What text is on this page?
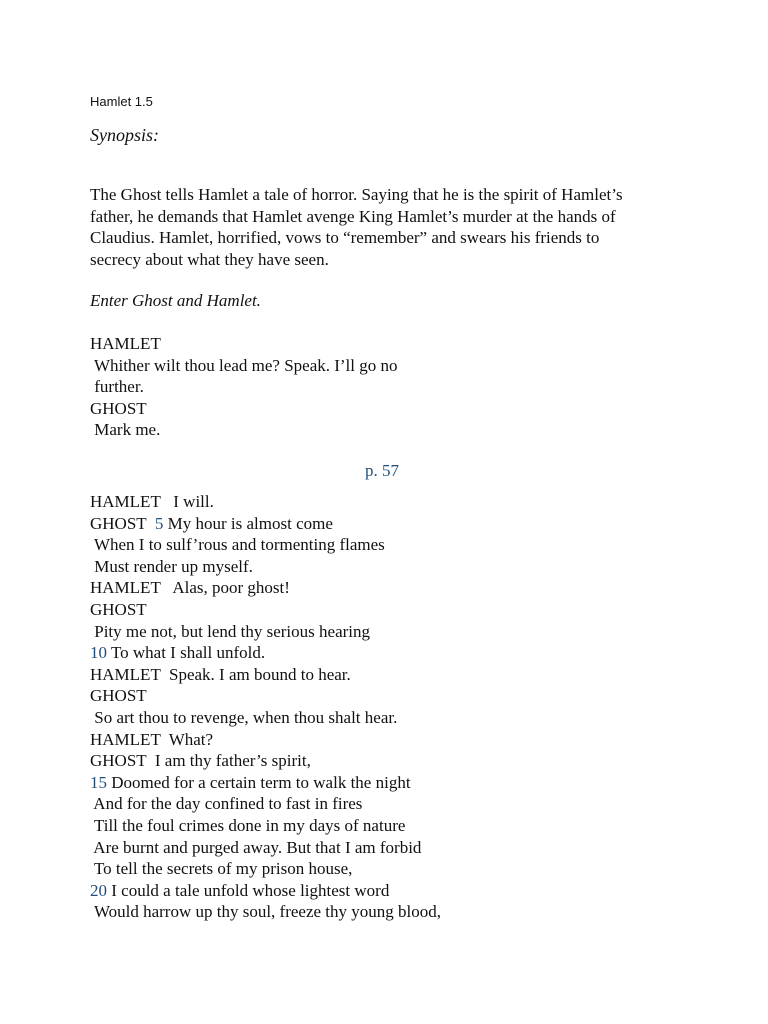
Hamlet 1.5
Synopsis:
The Ghost tells Hamlet a tale of horror. Saying that he is the spirit of Hamlet’s
father, he demands that Hamlet avenge King Hamlet’s murder at the hands of
Claudius. Hamlet, horrified, vows to “remember” and swears his friends to
secrecy about what they have seen.
Enter Ghost and Hamlet.
HAMLET
Whither wilt thou lead me? Speak. I’ll go no
further.
GHOST
Mark me.
p. 57
HAMLET   I will.
GHOST  5 My hour is almost come
When I to sulf’rous and tormenting flames
Must render up myself.
HAMLET   Alas, poor ghost!
GHOST
Pity me not, but lend thy serious hearing
10 To what I shall unfold.
HAMLET  Speak. I am bound to hear.
GHOST
So art thou to revenge, when thou shalt hear.
HAMLET  What?
GHOST  I am thy father’s spirit,
15 Doomed for a certain term to walk the night
And for the day confined to fast in fires
Till the foul crimes done in my days of nature
Are burnt and purged away. But that I am forbid
To tell the secrets of my prison house,
20 I could a tale unfold whose lightest word
Would harrow up thy soul, freeze thy young blood,
